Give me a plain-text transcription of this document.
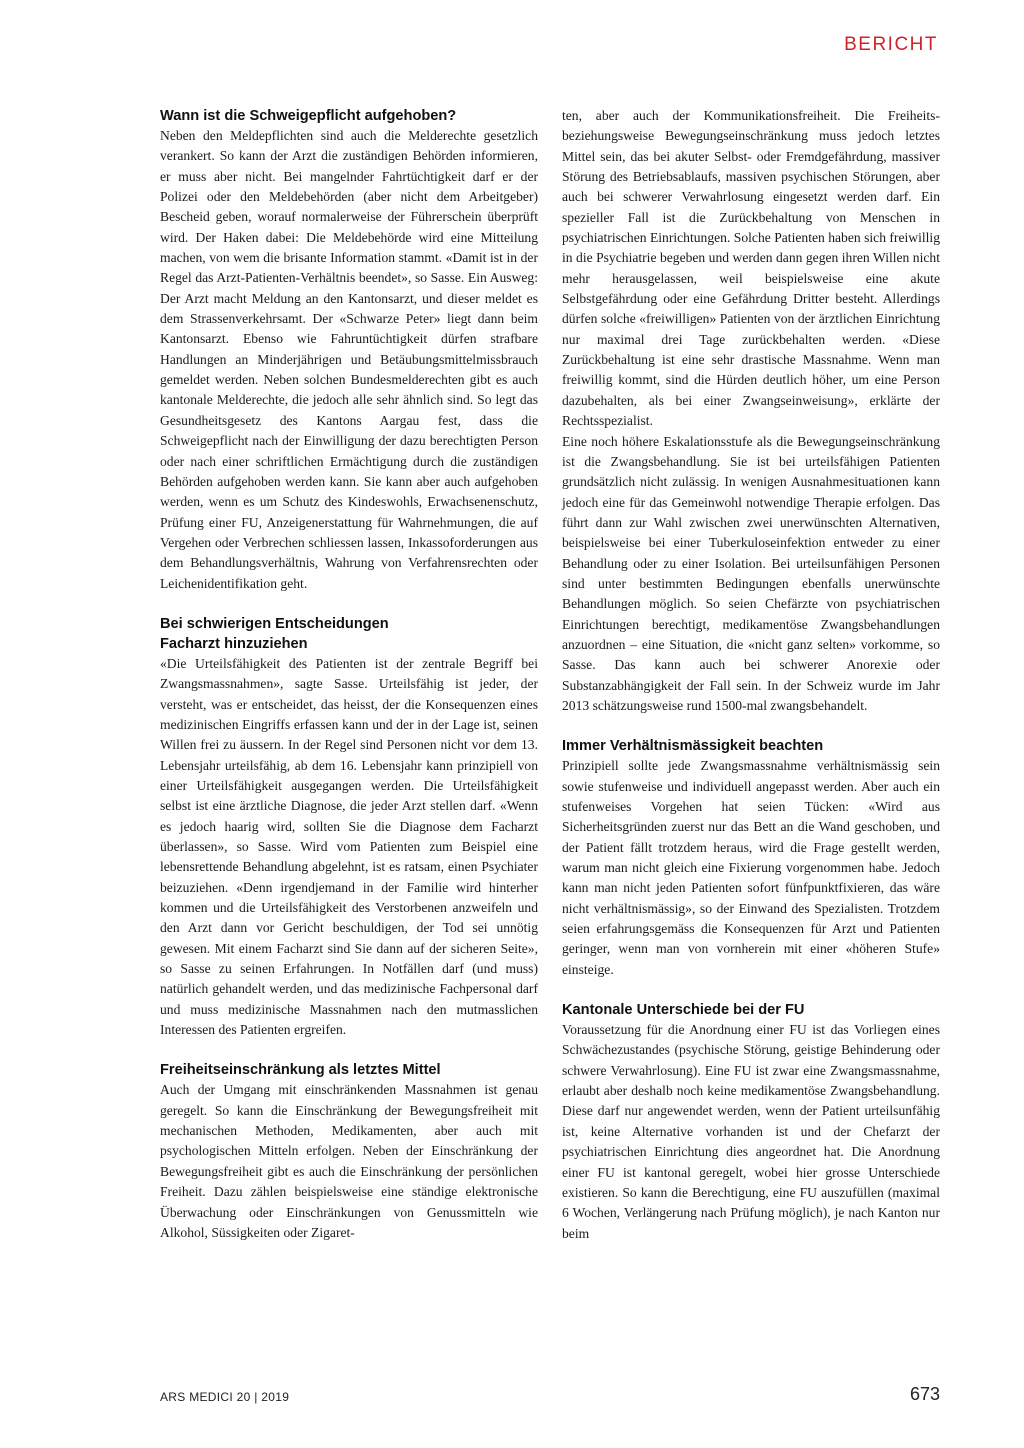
BERICHT
Wann ist die Schweigepflicht aufgehoben?

Neben den Meldepflichten sind auch die Melderechte gesetzlich verankert. So kann der Arzt die zuständigen Behörden informieren, er muss aber nicht. Bei mangelnder Fahrtüchtigkeit darf er der Polizei oder den Meldebehörden (aber nicht dem Arbeitgeber) Bescheid geben, worauf normalerweise der Führerschein überprüft wird. Der Haken dabei: Die Meldebehörde wird eine Mitteilung machen, von wem die brisante Information stammt. «Damit ist in der Regel das Arzt-Patienten-Verhältnis beendet», so Sasse. Ein Ausweg: Der Arzt macht Meldung an den Kantonsarzt, und dieser meldet es dem Strassenverkehrsamt. Der «Schwarze Peter» liegt dann beim Kantonsarzt. Ebenso wie Fahruntüchtigkeit dürfen strafbare Handlungen an Minderjährigen und Betäubungsmittelmissbrauch gemeldet werden. Neben solchen Bundesmelderechten gibt es auch kantonale Melderechte, die jedoch alle sehr ähnlich sind. So legt das Gesundheitsgesetz des Kantons Aargau fest, dass die Schweigepflicht nach der Einwilligung der dazu berechtigten Person oder nach einer schriftlichen Ermächtigung durch die zuständigen Behörden aufgehoben werden kann. Sie kann aber auch aufgehoben werden, wenn es um Schutz des Kindeswohls, Erwachsenenschutz, Prüfung einer FU, Anzeigenerstattung für Wahrnehmungen, die auf Vergehen oder Verbrechen schliessen lassen, Inkassoforderungen aus dem Behandlungsverhältnis, Wahrung von Verfahrensrechten oder Leichenidentifikation geht.

Bei schwierigen Entscheidungen
Facharzt hinzuziehen

«Die Urteilsfähigkeit des Patienten ist der zentrale Begriff bei Zwangsmassnahmen», sagte Sasse. Urteilsfähig ist jeder, der versteht, was er entscheidet, das heisst, der die Konsequenzen eines medizinischen Eingriffs erfassen kann und der in der Lage ist, seinen Willen frei zu äussern. In der Regel sind Personen nicht vor dem 13. Lebensjahr urteilsfähig, ab dem 16. Lebensjahr kann prinzipiell von einer Urteilsfähigkeit ausgegangen werden. Die Urteilsfähigkeit selbst ist eine ärztliche Diagnose, die jeder Arzt stellen darf. «Wenn es jedoch haarig wird, sollten Sie die Diagnose dem Facharzt überlassen», so Sasse. Wird vom Patienten zum Beispiel eine lebensrettende Behandlung abgelehnt, ist es ratsam, einen Psychiater beizuziehen. «Denn irgendjemand in der Familie wird hinterher kommen und die Urteilsfähigkeit des Verstorbenen anzweifeln und den Arzt dann vor Gericht beschuldigen, der Tod sei unnötig gewesen. Mit einem Facharzt sind Sie dann auf der sicheren Seite», so Sasse zu seinen Erfahrungen. In Notfällen darf (und muss) natürlich gehandelt werden, und das medizinische Fachpersonal darf und muss medizinische Massnahmen nach den mutmasslichen Interessen des Patienten ergreifen.

Freiheitseinschränkung als letztes Mittel

Auch der Umgang mit einschränkenden Massnahmen ist genau geregelt. So kann die Einschränkung der Bewegungsfreiheit mit mechanischen Methoden, Medikamenten, aber auch mit psychologischen Mitteln erfolgen. Neben der Einschränkung der Bewegungsfreiheit gibt es auch die Einschränkung der persönlichen Freiheit. Dazu zählen beispielsweise eine ständige elektronische Überwachung oder Einschränkungen von Genussmitteln wie Alkohol, Süssigkeiten oder Zigaret-

ten, aber auch der Kommunikationsfreiheit. Die Freiheits- beziehungsweise Bewegungseinschränkung muss jedoch letztes Mittel sein, das bei akuter Selbst- oder Fremdgefährdung, massiver Störung des Betriebsablaufs, massiven psychischen Störungen, aber auch bei schwerer Verwahrlosung eingesetzt werden darf. Ein spezieller Fall ist die Zurückbehaltung von Menschen in psychiatrischen Einrichtungen. Solche Patienten haben sich freiwillig in die Psychiatrie begeben und werden dann gegen ihren Willen nicht mehr herausgelassen, weil beispielsweise eine akute Selbstgefährdung oder eine Gefährdung Dritter besteht. Allerdings dürfen solche «freiwilligen» Patienten von der ärztlichen Einrichtung nur maximal drei Tage zurückbehalten werden. «Diese Zurückbehaltung ist eine sehr drastische Massnahme. Wenn man freiwillig kommt, sind die Hürden deutlich höher, um eine Person dazubehalten, als bei einer Zwangseinweisung», erklärte der Rechtsspezialist.

Eine noch höhere Eskalationsstufe als die Bewegungseinschränkung ist die Zwangsbehandlung. Sie ist bei urteilsfähigen Patienten grundsätzlich nicht zulässig. In wenigen Ausnahmesituationen kann jedoch eine für das Gemeinwohl notwendige Therapie erfolgen. Das führt dann zur Wahl zwischen zwei unerwünschten Alternativen, beispielsweise bei einer Tuberkuloseinfektion entweder zu einer Behandlung oder zu einer Isolation. Bei urteilsunfähigen Personen sind unter bestimmten Bedingungen ebenfalls unerwünschte Behandlungen möglich. So seien Chefärzte von psychiatrischen Einrichtungen berechtigt, medikamentöse Zwangsbehandlungen anzuordnen – eine Situation, die «nicht ganz selten» vorkomme, so Sasse. Das kann auch bei schwerer Anorexie oder Substanzabhängigkeit der Fall sein. In der Schweiz wurde im Jahr 2013 schätzungsweise rund 1500-mal zwangsbehandelt.

Immer Verhältnismässigkeit beachten

Prinzipiell sollte jede Zwangsmassnahme verhältnismässig sein sowie stufenweise und individuell angepasst werden. Aber auch ein stufenweises Vorgehen hat seien Tücken: «Wird aus Sicherheitsgründen zuerst nur das Bett an die Wand geschoben, und der Patient fällt trotzdem heraus, wird die Frage gestellt werden, warum man nicht gleich eine Fixierung vorgenommen habe. Jedoch kann man nicht jeden Patienten sofort fünfpunktfixieren, das wäre nicht verhältnismässig», so der Einwand des Spezialisten. Trotzdem seien erfahrungsgemäss die Konsequenzen für Arzt und Patienten geringer, wenn man von vornherein mit einer «höheren Stufe» einsteige.

Kantonale Unterschiede bei der FU

Voraussetzung für die Anordnung einer FU ist das Vorliegen eines Schwächezustandes (psychische Störung, geistige Behinderung oder schwere Verwahrlosung). Eine FU ist zwar eine Zwangsmassnahme, erlaubt aber deshalb noch keine medikamentöse Zwangsbehandlung. Diese darf nur angewendet werden, wenn der Patient urteilsunfähig ist, keine Alternative vorhanden ist und der Chefarzt der psychiatrischen Einrichtung dies angeordnet hat. Die Anordnung einer FU ist kantonal geregelt, wobei hier grosse Unterschiede existieren. So kann die Berechtigung, eine FU auszufüllen (maximal 6 Wochen, Verlängerung nach Prüfung möglich), je nach Kanton nur beim

ARS MEDICI 20 | 2019	673
